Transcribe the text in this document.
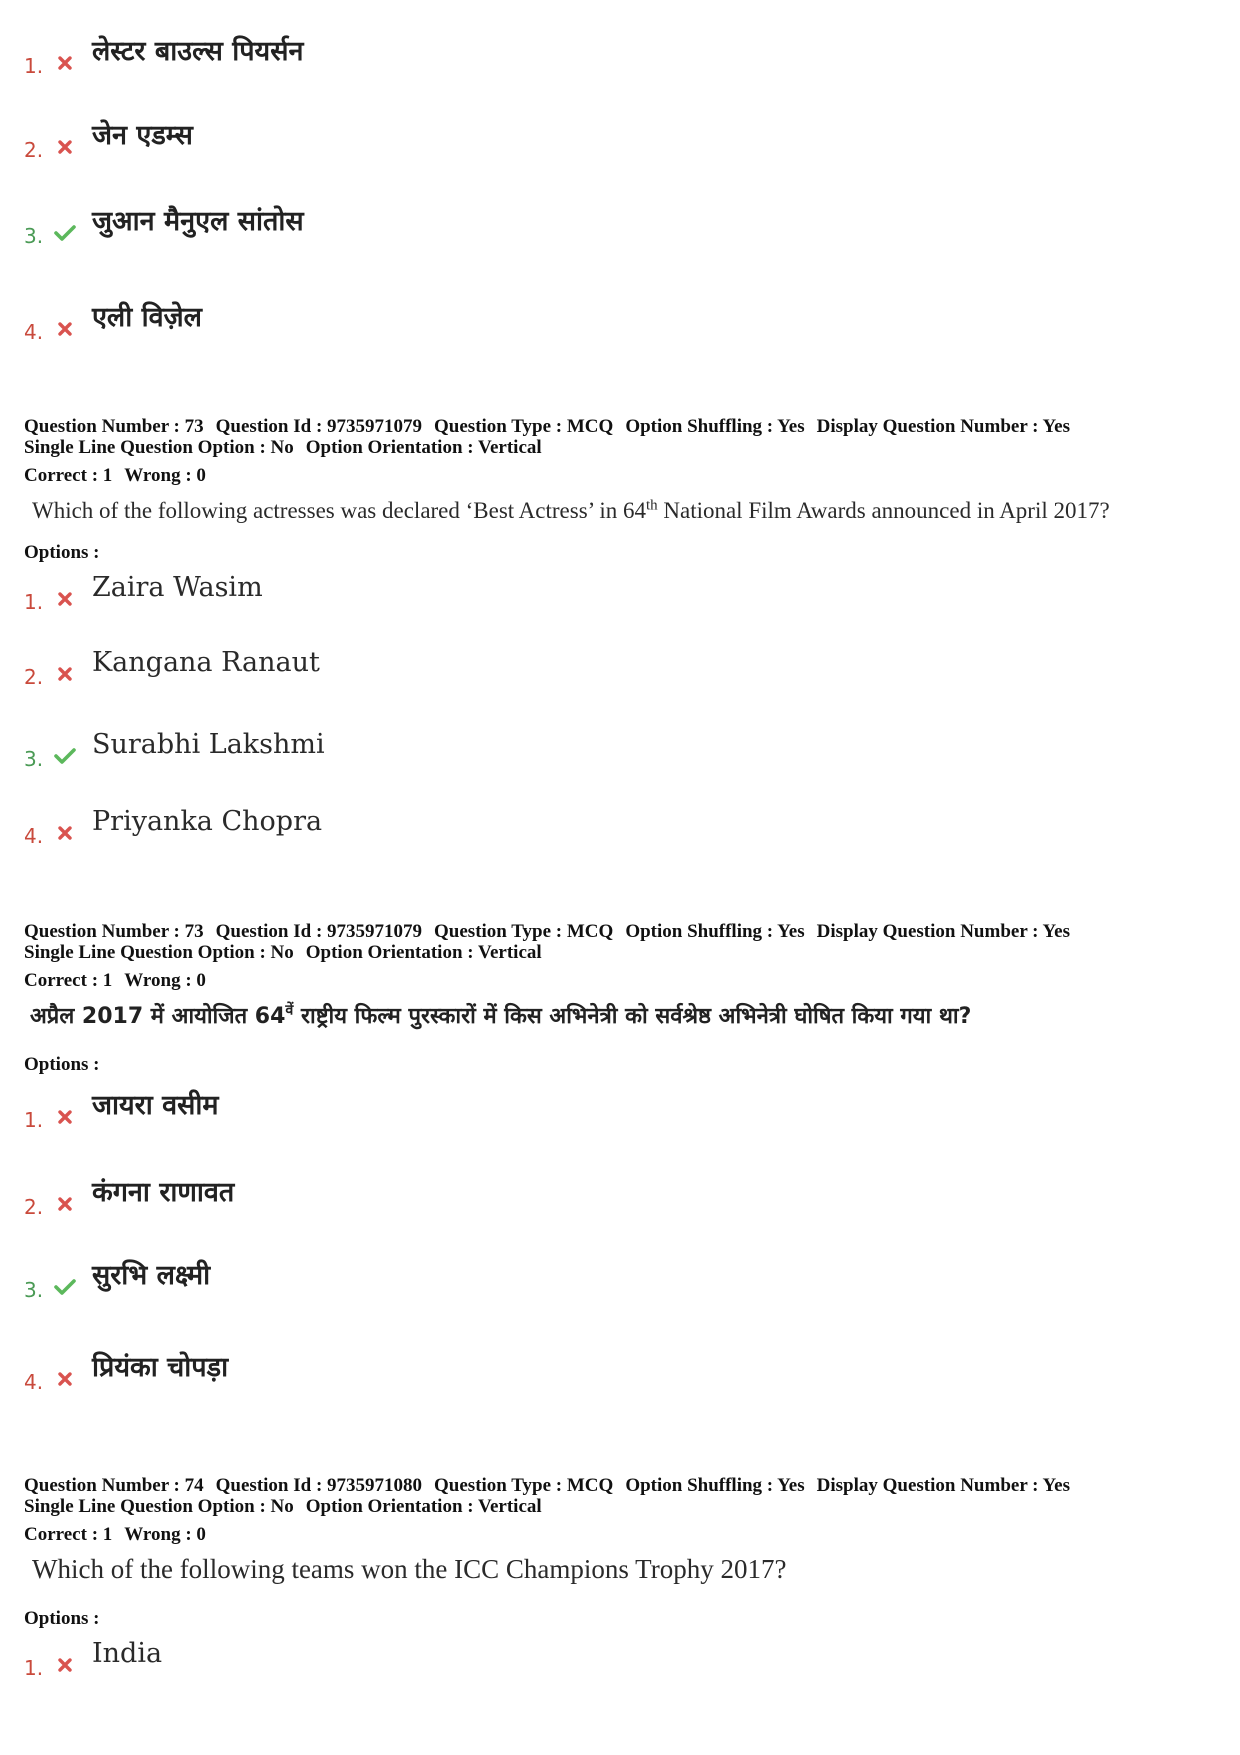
1. लेस्टर बाउल्स पियर्सन
2. जेन एडम्स
3. जुआन मैनुएल सांतोस
4. एली विज़ेल
Question Number : 73 Question Id : 9735971079 Question Type : MCQ Option Shuffling : Yes Display Question Number : Yes
Single Line Question Option : No Option Orientation : Vertical
Correct : 1 Wrong : 0
Which of the following actresses was declared ‘Best Actress’ in 64th National Film Awards announced in April 2017?
Options :
1. Zaira Wasim
2. Kangana Ranaut
3. Surabhi Lakshmi
4. Priyanka Chopra
Question Number : 73 Question Id : 9735971079 Question Type : MCQ Option Shuffling : Yes Display Question Number : Yes
Single Line Question Option : No Option Orientation : Vertical
Correct : 1 Wrong : 0
अप्रैल 2017 में आयोजित $64^{वें}$ राष्ट्रीय फिल्म पुरस्कारों में किस अभिनेत्री को सर्वश्रेष्ठ अभिनेत्री घोषित किया गया था?
Options :
1. जायरा वसीम
2. कंगना राणावत
3. सुरभि लक्ष्मी
4. प्रियंका चोपड़ा
Question Number : 74 Question Id : 9735971080 Question Type : MCQ Option Shuffling : Yes Display Question Number : Yes
Single Line Question Option : No Option Orientation : Vertical
Correct : 1 Wrong : 0
Which of the following teams won the ICC Champions Trophy 2017?
Options :
1. India
